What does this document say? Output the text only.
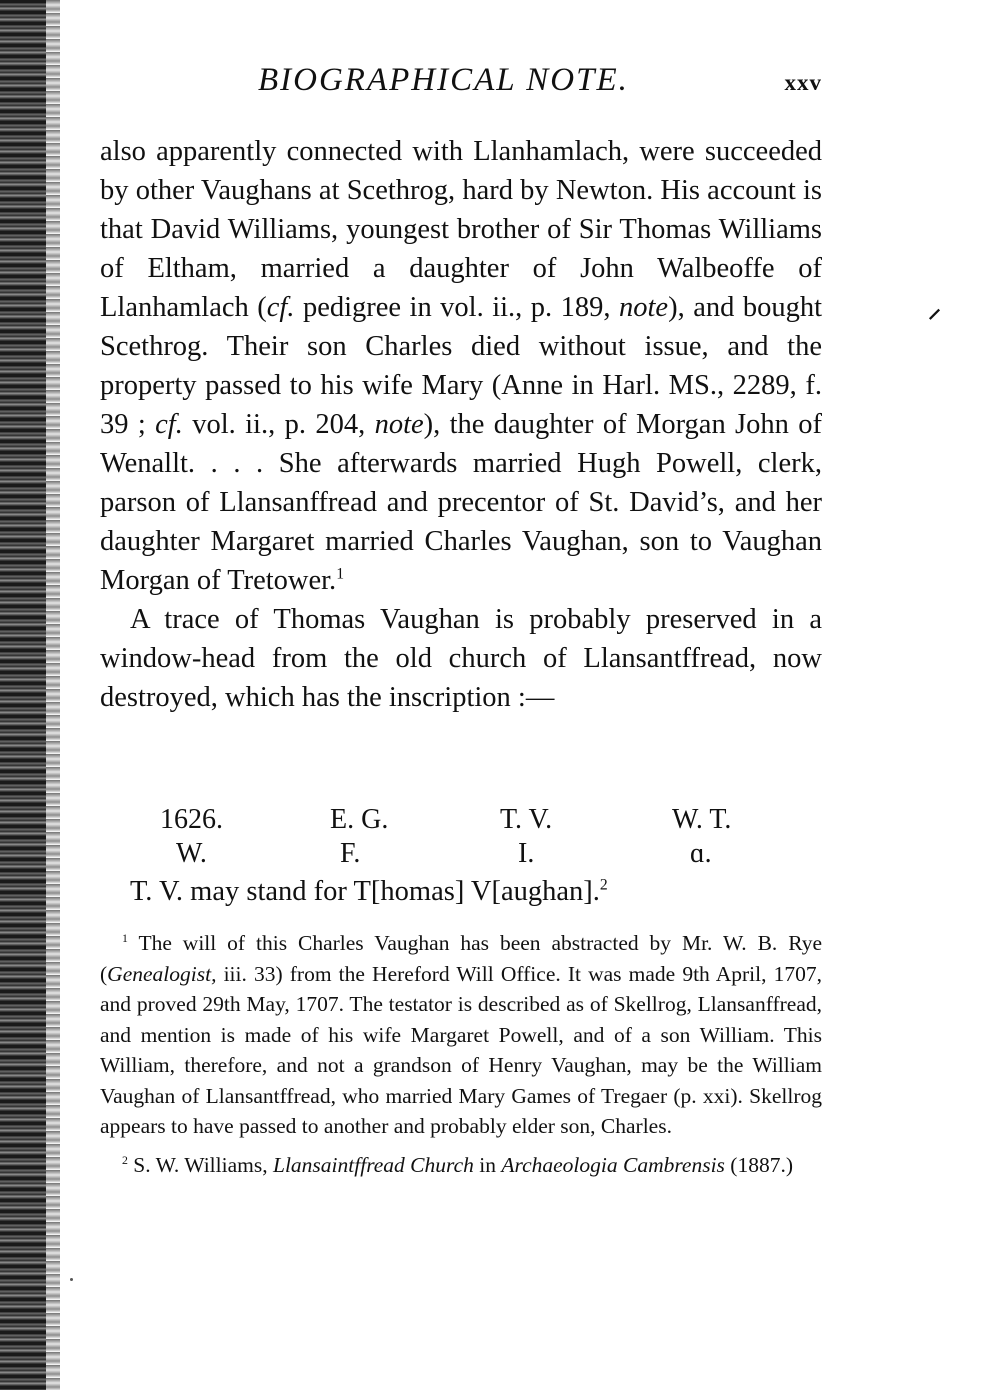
BIOGRAPHICAL NOTE.	xxv

also apparently connected with Llanhamlach, were succeeded by other Vaughans at Scethrog, hard by Newton. His account is that David Williams, youngest brother of Sir Thomas Williams of Eltham, married a daughter of John Walbeoffe of Llanhamlach (cf. pedigree in vol. ii., p. 189, note), and bought Scethrog. Their son Charles died without issue, and the property passed to his wife Mary (Anne in Harl. MS., 2289, f. 39 ; cf. vol. ii., p. 204, note), the daughter of Morgan John of Wenallt. . . . She afterwards married Hugh Powell, clerk, parson of Llansanffread and precentor of St. David’s, and her daughter Margaret married Charles Vaughan, son to Vaughan Morgan of Tretower.$^1$

A trace of Thomas Vaughan is probably preserved in a window-head from the old church of Llansantffread, now destroyed, which has the inscription :—

1626.	E. G.	T. V.	W. T.
W.	F.	I.	ɑ.
T. V. may stand for T[homas] V[aughan].$^2$

$^1$ The will of this Charles Vaughan has been abstracted by Mr. W. B. Rye (Genealogist, iii. 33) from the Hereford Will Office. It was made 9th April, 1707, and proved 29th May, 1707. The testator is described as of Skellrog, Llansanffread, and mention is made of his wife Margaret Powell, and of a son William. This William, therefore, and not a grandson of Henry Vaughan, may be the William Vaughan of Llansantffread, who married Mary Games of Tregaer (p. xxi). Skellrog appears to have passed to another and probably elder son, Charles.

$^2$ S. W. Williams, Llansaintffread Church in Archaeologia Cambrensis (1887.)

⸍
